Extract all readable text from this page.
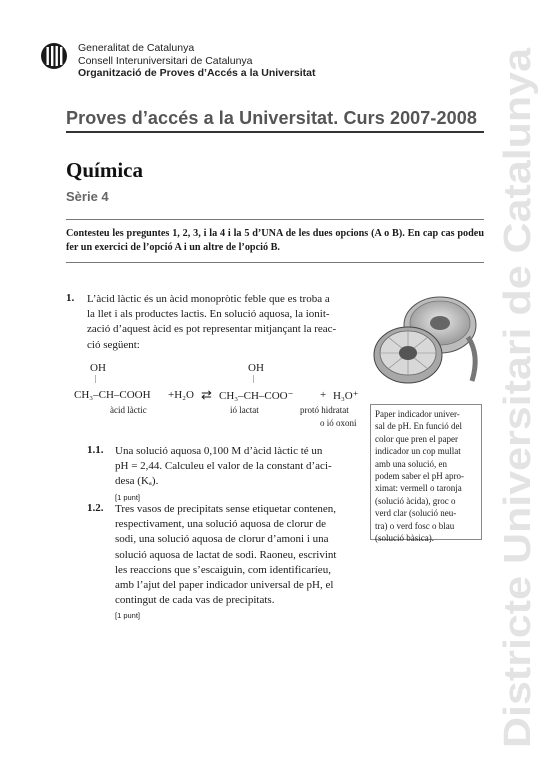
Generalitat de Catalunya
Consell Interuniversitari de Catalunya
Organització de Proves d’Accés a la Universitat
Proves d’accés a la Universitat. Curs 2007-2008
Química
Sèrie 4
Contesteu les preguntes 1, 2, 3, i la 4 i la 5 d’UNA de les dues opcions (A o B). En cap cas podeu fer un exercici de l’opció A i un altre de l’opció B.
1. L’àcid làctic és un àcid monopròtic feble que es troba a
la llet i als productes lactis. En solució aquosa, la ionit-
zació d’aquest àcid es pot representar mitjançant la reac-
ció següent:
OH
|
OH
|
CH₃–CH–COOH +H₂O ⇄ CH₃–CH–COO⁻ + H₃O⁺
àcid làctic	ió lactat	protó hidratat
o ió oxoni
1.1. Una solució aquosa 0,100 M d’àcid làctic té un
pH = 2,44. Calculeu el valor de la constant d’aci-
desa (Kₐ).
[1 punt]
1.2. Tres vasos de precipitats sense etiquetar contenen,
respectivament, una solució aquosa de clorur de
sodi, una solució aquosa de clorur d’amoni i una
solució aquosa de lactat de sodi. Raoneu, escrivint
les reaccions que s’escaiguin, com identificaríeu,
amb l’ajut del paper indicador universal de pH, el
contingut de cada vas de precipitats.
[1 punt]
Paper indicador univer-
sal de pH. En funció del
color que pren el paper
indicador un cop mullat
amb una solució, en
podem saber el pH apro-
ximat: vermell o taronja
(solució àcida), groc o
verd clar (solució neu-
tra) o verd fosc o blau
(solució bàsica).	Districte Universitari de Catalunya
